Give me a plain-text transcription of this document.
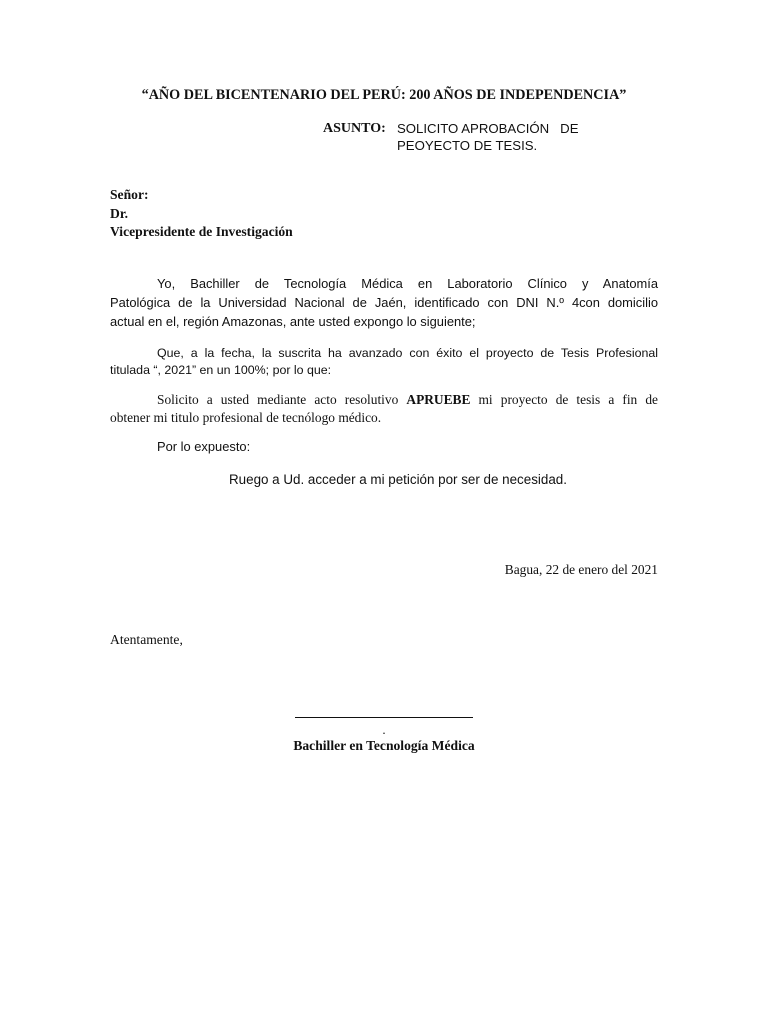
“AÑO DEL BICENTENARIO DEL PERÚ: 200 AÑOS DE INDEPENDENCIA”
ASUNTO: SOLICITO APROBACIÓN   DE
PEOYECTO DE TESIS.
Señor:
Dr.
Vicepresidente de Investigación
Yo, Bachiller de Tecnología Médica en Laboratorio Clínico y Anatomía
Patológica de la Universidad Nacional de Jaén, identificado con DNI N.º 4con domicilio
actual en el, región Amazonas, ante usted expongo lo siguiente;
Que, a la fecha, la suscrita ha avanzado con éxito el proyecto de Tesis Profesional
titulada “, 2021” en un 100%; por lo que:
Solicito a usted mediante acto resolutivo APRUEBE mi proyecto de tesis a fin de
obtener mi titulo profesional de tecnólogo médico.
Por lo expuesto:
Ruego a Ud. acceder a mi petición por ser de necesidad.
Bagua, 22 de enero del 2021
Atentamente,
.
Bachiller en Tecnología Médica
